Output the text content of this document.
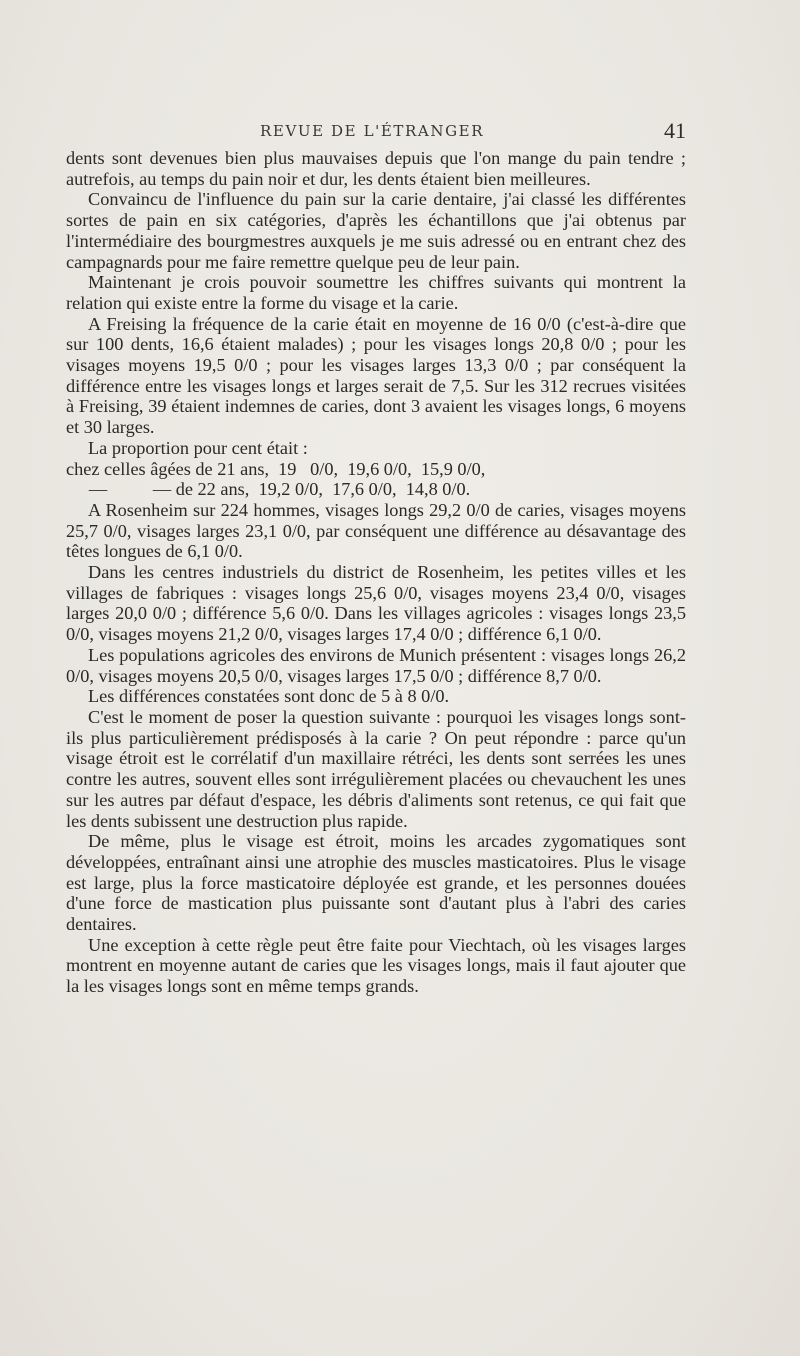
REVUE DE L'ÉTRANGER	41

dents sont devenues bien plus mauvaises depuis que l'on mange du pain tendre ; autrefois, au temps du pain noir et dur, les dents étaient bien meilleures.

Convaincu de l'influence du pain sur la carie dentaire, j'ai classé les différentes sortes de pain en six catégories, d'après les échantillons que j'ai obtenus par l'intermédiaire des bourgmestres auxquels je me suis adressé ou en entrant chez des campagnards pour me faire remettre quelque peu de leur pain.

Maintenant je crois pouvoir soumettre les chiffres suivants qui montrent la relation qui existe entre la forme du visage et la carie.

A Freising la fréquence de la carie était en moyenne de 16 0/0 (c'est-à-dire que sur 100 dents, 16,6 étaient malades) ; pour les visages longs 20,8 0/0 ; pour les visages moyens 19,5 0/0 ; pour les visages larges 13,3 0/0 ; par conséquent la différence entre les visages longs et larges serait de 7,5. Sur les 312 recrues visitées à Freising, 39 étaient indemnes de caries, dont 3 avaient les visages longs, 6 moyens et 30 larges.

La proportion pour cent était :

chez celles âgées de 21 ans,  19   0/0,  19,6 0/0,  15,9 0/0,

—          — de 22 ans,  19,2 0/0,  17,6 0/0,  14,8 0/0.

A Rosenheim sur 224 hommes, visages longs 29,2 0/0 de caries, visages moyens 25,7 0/0, visages larges 23,1 0/0, par conséquent une différence au désavantage des têtes longues de 6,1 0/0.

Dans les centres industriels du district de Rosenheim, les petites villes et les villages de fabriques : visages longs 25,6 0/0, visages moyens 23,4 0/0, visages larges 20,0 0/0 ; différence 5,6 0/0. Dans les villages agricoles : visages longs 23,5 0/0, visages moyens 21,2 0/0, visages larges 17,4 0/0 ; différence 6,1 0/0.

Les populations agricoles des environs de Munich présentent : visages longs 26,2 0/0, visages moyens 20,5 0/0, visages larges 17,5 0/0 ; différence 8,7 0/0.

Les différences constatées sont donc de 5 à 8 0/0.

C'est le moment de poser la question suivante : pourquoi les visages longs sont-ils plus particulièrement prédisposés à la carie ? On peut répondre : parce qu'un visage étroit est le corrélatif d'un maxillaire rétréci, les dents sont serrées les unes contre les autres, souvent elles sont irrégulièrement placées ou chevauchent les unes sur les autres par défaut d'espace, les débris d'aliments sont retenus, ce qui fait que les dents subissent une destruction plus rapide.

De même, plus le visage est étroit, moins les arcades zygomatiques sont développées, entraînant ainsi une atrophie des muscles masticatoires. Plus le visage est large, plus la force masticatoire déployée est grande, et les personnes douées d'une force de mastication plus puissante sont d'autant plus à l'abri des caries dentaires.

Une exception à cette règle peut être faite pour Viechtach, où les visages larges montrent en moyenne autant de caries que les visages longs, mais il faut ajouter que la les visages longs sont en même temps grands.
